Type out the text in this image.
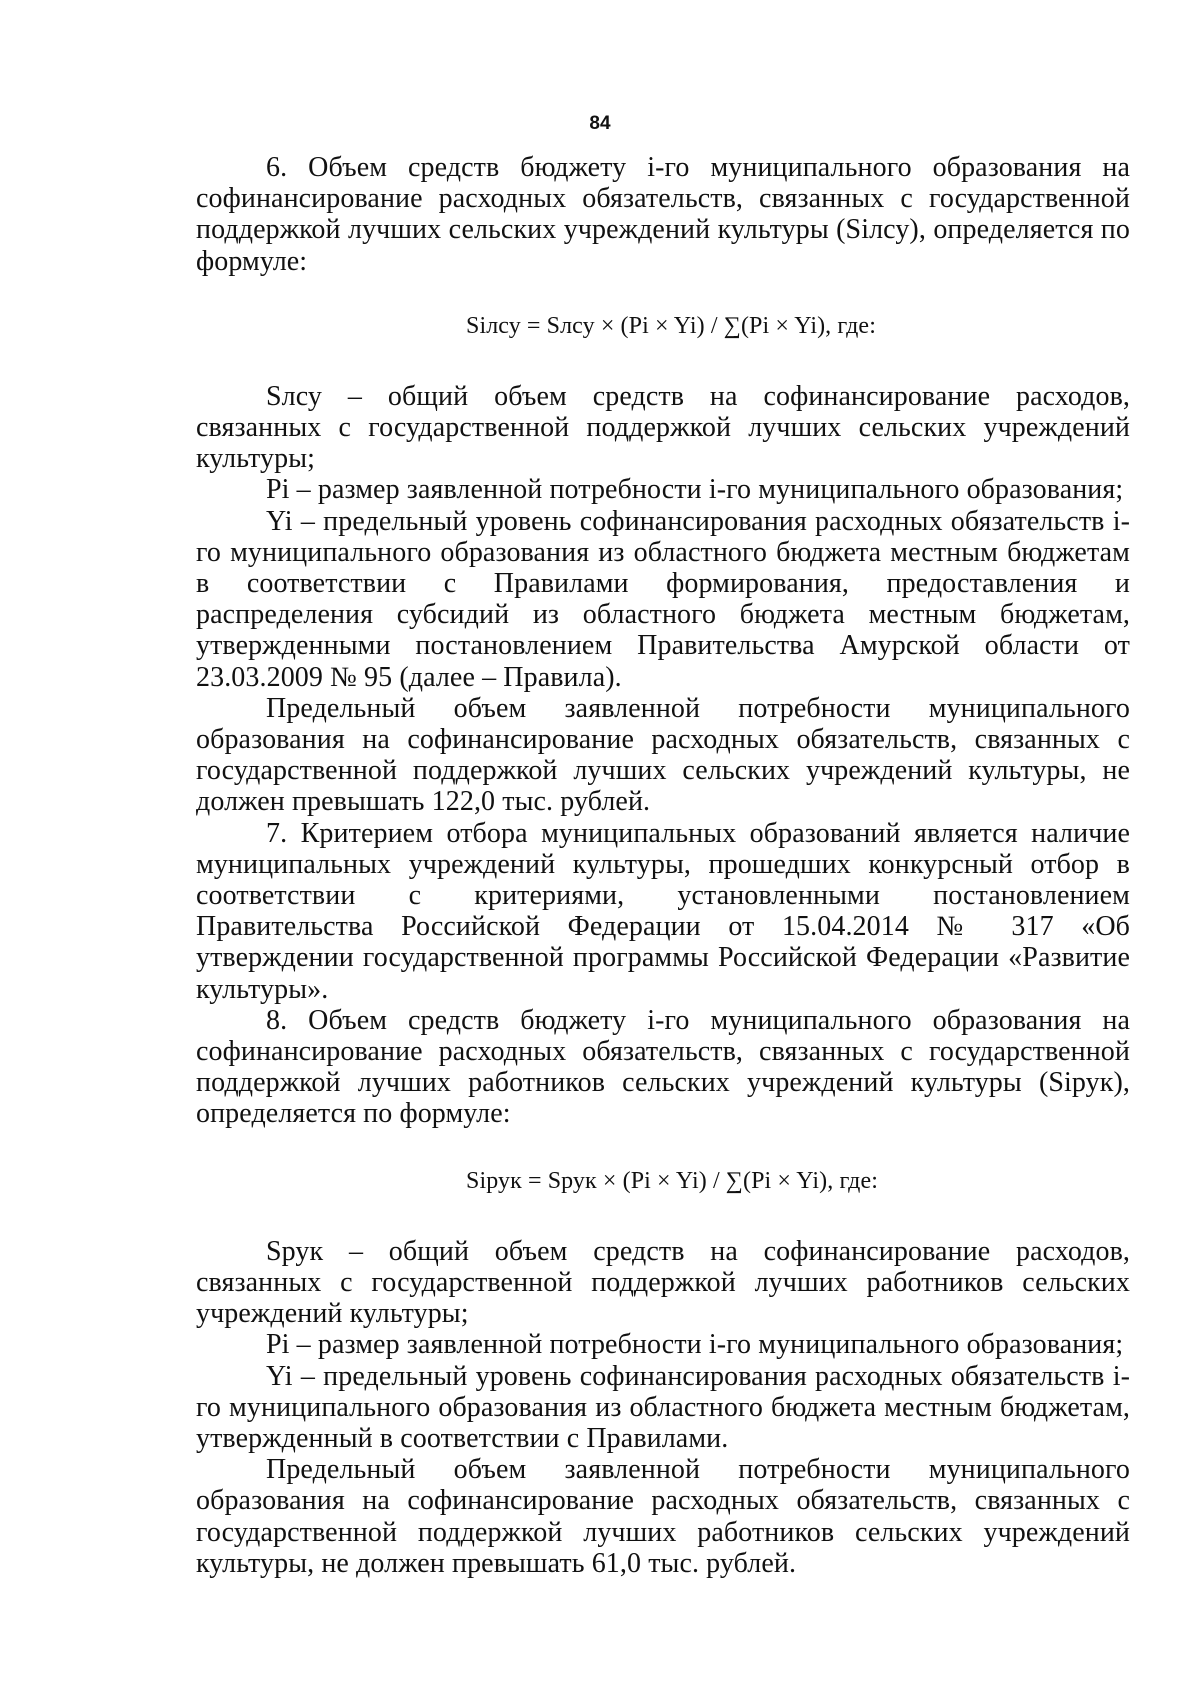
84

6. Объем средств бюджету i-го муниципального образования на софинансирование расходных обязательств, связанных с государственной поддержкой лучших сельских учреждений культуры (Siлсу), определяется по формуле:

Siлсу = Sлсу × (Pi × Yi) / ∑(Pi × Yi), где:

Sлсу – общий объем средств на софинансирование расходов, связанных с государственной поддержкой лучших сельских учреждений культуры;

Pi – размер заявленной потребности i-го муниципального образования;

Yi – предельный уровень софинансирования расходных обязательств i-го муниципального образования из областного бюджета местным бюджетам в соответствии с Правилами формирования, предоставления и распределения субсидий из областного бюджета местным бюджетам, утвержденными постановлением Правительства Амурской области от 23.03.2009 № 95 (далее – Правила).

Предельный объем заявленной потребности муниципального образования на софинансирование расходных обязательств, связанных с государственной поддержкой лучших сельских учреждений культуры, не должен превышать 122,0 тыс. рублей.

7. Критерием отбора муниципальных образований является наличие муниципальных учреждений культуры, прошедших конкурсный отбор в соответствии с критериями, установленными постановлением Правительства Российской Федерации от 15.04.2014 № 317 «Об утверждении государственной программы Российской Федерации «Развитие культуры».

8. Объем средств бюджету i-го муниципального образования на софинансирование расходных обязательств, связанных с государственной поддержкой лучших работников сельских учреждений культуры (Siрук), определяется по формуле:

Siрук = Sрук × (Pi × Yi) / ∑(Pi × Yi), где:

Sрук – общий объем средств на софинансирование расходов, связанных с государственной поддержкой лучших работников сельских учреждений культуры;

Pi – размер заявленной потребности i-го муниципального образования;

Yi – предельный уровень софинансирования расходных обязательств i-го муниципального образования из областного бюджета местным бюджетам, утвержденный в соответствии с Правилами.

Предельный объем заявленной потребности муниципального образования на софинансирование расходных обязательств, связанных с государственной поддержкой лучших работников сельских учреждений культуры, не должен превышать 61,0 тыс. рублей.
